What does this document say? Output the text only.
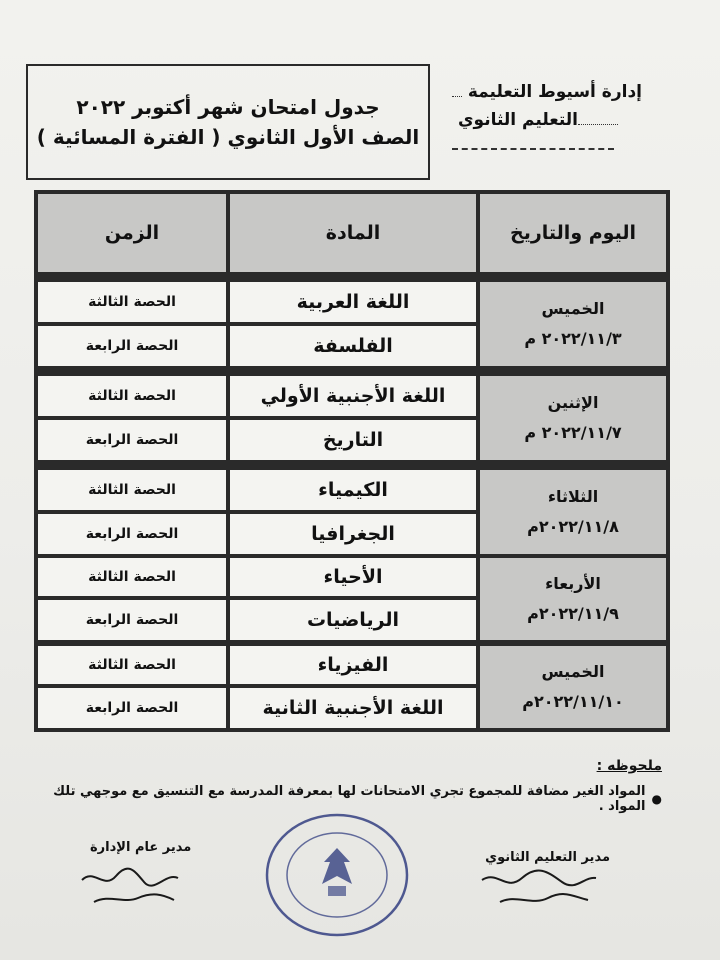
إدارة أسيوط التعليمة
التعليم الثانوي
جدول امتحان شهر أكتوبر ٢٠٢٢
الصف الأول الثانوي ( الفترة المسائية )
اليوم والتاريخ
المادة
الزمن
الخميس
٢٠٢٢/١١/٣ م
اللغة العربية
الفلسفة
الحصة الثالثة
الحصة الرابعة
الإثنين
٢٠٢٢/١١/٧ م
اللغة الأجنبية الأولي
التاريخ
الحصة الثالثة
الحصة الرابعة
الثلاثاء
٢٠٢٢/١١/٨م
الكيمياء
الجغرافيا
الحصة الثالثة
الحصة الرابعة
الأربعاء
٢٠٢٢/١١/٩م
الأحياء
الرياضيات
الحصة الثالثة
الحصة الرابعة
الخميس
٢٠٢٢/١١/١٠م
الفيزياء
اللغة الأجنبية الثانية
الحصة الثالثة
الحصة الرابعة
ملحوظه :
●
المواد الغير مضافة للمجموع تجري الامتحانات لها بمعرفة المدرسة مع التنسيق مع موجهي تلك المواد .
مدير التعليم الثانوي
مدير عام الإدارة
